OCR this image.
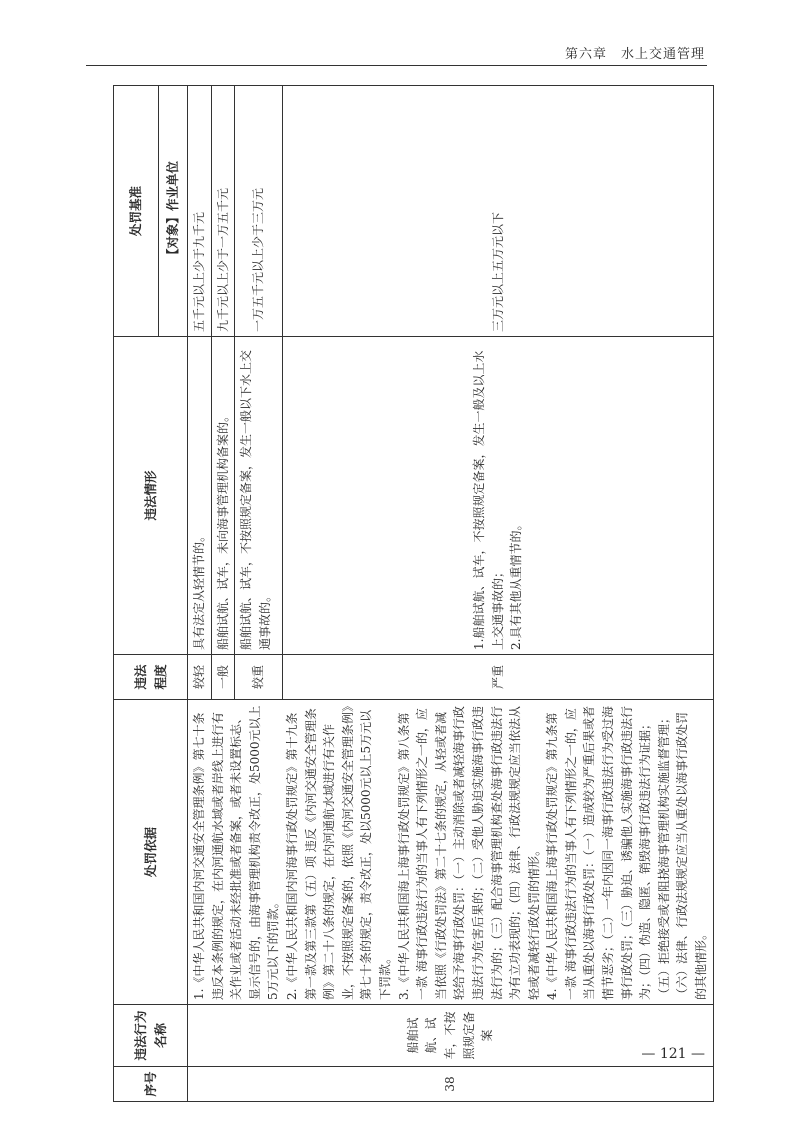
第六章　水上交通管理
序号	违法行为名称	处罚依据	违法程度	违法情形	处罚基准
					【对象】作业单位
38	船舶试航、试车，不按照规定备案	1.《中华人民共和国内河交通安全管理条例》第七十条 违反本条例的规定，在内河通航水域或者岸线上进行有关作业或者活动未经批准或者备案，或者未设置标志、显示信号的，由海事管理机构责令改正，处5000元以上5万元以下的罚款。 2.《中华人民共和国内河海事行政处罚规定》第十九条第一款及第三款第（五）项 违反《内河交通安全管理条例》第二十八条的规定，在内河通航水域进行有关作业，不按照规定备案的，依照《内河交通安全管理条例》第七十条的规定，责令改正，处以5000元以上5万元以下罚款。 3.《中华人民共和国海上海事行政处罚规定》第八条第一款 海事行政违法行为的当事人有下列情形之一的，应当依照《行政处罚法》第二十七条的规定，从轻或者减轻给予海事行政处罚：（一）主动消除或者减轻海事行政违法行为危害后果的；（二）受他人胁迫实施海事行政违法行为的；（三）配合海事管理机构查处海事行政违法行为有立功表现的；（四）法律、行政法规规定应当依法从轻或者减轻行政处罚的情形。 4.《中华人民共和国海上海事行政处罚规定》第九条第一款 海事行政违法行为的当事人有下列情形之一的，应当从重处以海事行政处罚：（一）造成较为严重后果或者情节恶劣；（二）一年内因同一海事行政违法行为受过海事行政处罚；（三）胁迫、诱骗他人实施海事行政违法行为；（四）伪造、隐匿、销毁海事行政违法行为证据；（五）拒绝接受或者阻挠海事管理机构实施监督管理；（六）法律、行政法规规定应当从重处以海事行政处罚的其他情形。	较轻	具有法定从轻情节的。	五千元以上少于九千元
			一般	船舶试航、试车，未向海事管理机构备案的。	九千元以上少于一万五千元
			较重	船舶试航、试车，不按照规定备案，发生一般以下水上交通事故的。	一万五千元以上少于三万元
			严重	1.船舶试航、试车，不按照规定备案，发生一般及以上水上交通事故的；
2.具有其他从重情节的。	三万元以上五万元以下
— 121 —
